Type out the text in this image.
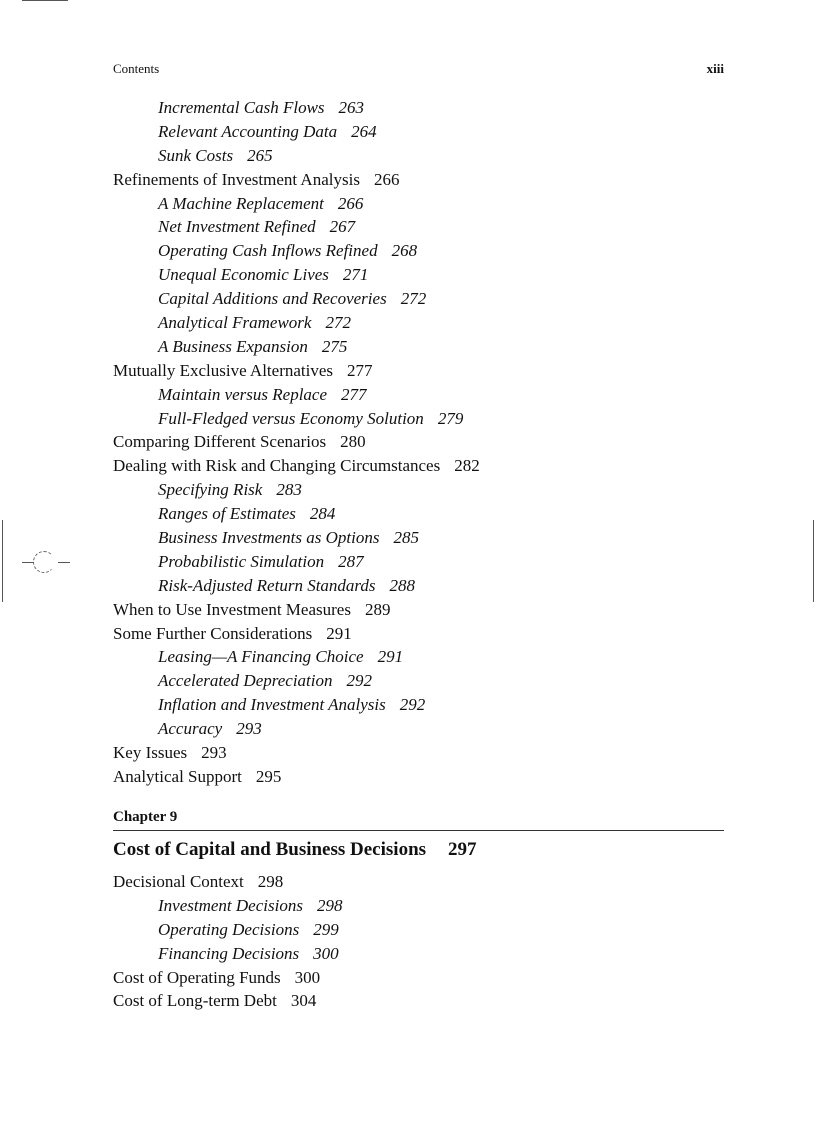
Contents	xiii
Incremental Cash Flows 263
Relevant Accounting Data 264
Sunk Costs 265
Refinements of Investment Analysis 266
A Machine Replacement 266
Net Investment Refined 267
Operating Cash Inflows Refined 268
Unequal Economic Lives 271
Capital Additions and Recoveries 272
Analytical Framework 272
A Business Expansion 275
Mutually Exclusive Alternatives 277
Maintain versus Replace 277
Full-Fledged versus Economy Solution 279
Comparing Different Scenarios 280
Dealing with Risk and Changing Circumstances 282
Specifying Risk 283
Ranges of Estimates 284
Business Investments as Options 285
Probabilistic Simulation 287
Risk-Adjusted Return Standards 288
When to Use Investment Measures 289
Some Further Considerations 291
Leasing—A Financing Choice 291
Accelerated Depreciation 292
Inflation and Investment Analysis 292
Accuracy 293
Key Issues 293
Analytical Support 295
Chapter 9
Cost of Capital and Business Decisions 297
Decisional Context 298
Investment Decisions 298
Operating Decisions 299
Financing Decisions 300
Cost of Operating Funds 300
Cost of Long-term Debt 304
